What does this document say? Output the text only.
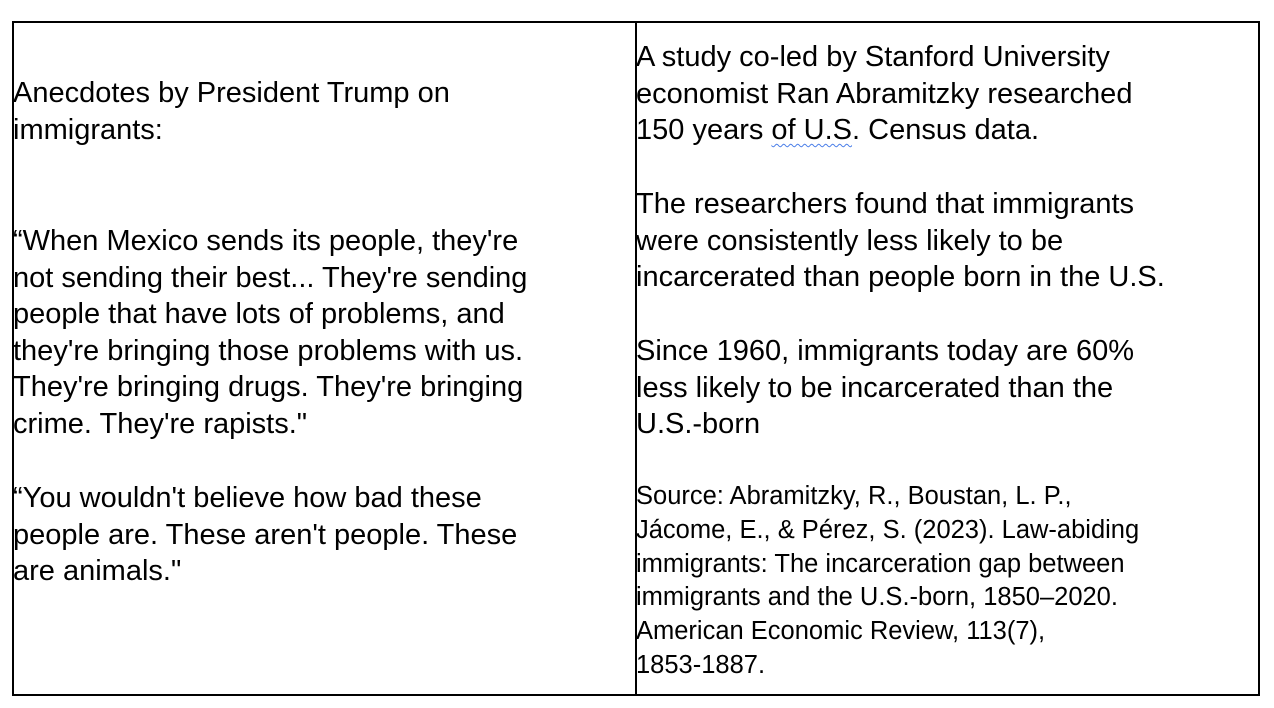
Anecdotes by President Trump on
immigrants:

“When Mexico sends its people, they're
not sending their best... They're sending
people that have lots of problems, and
they're bringing those problems with us.
They're bringing drugs. They're bringing
crime. They're rapists."

“You wouldn't believe how bad these
people are. These aren't people. These
are animals."

A study co-led by Stanford University
economist Ran Abramitzky researched
150 years of U.S. Census data.

The researchers found that immigrants
were consistently less likely to be
incarcerated than people born in the U.S.

Since 1960, immigrants today are 60%
less likely to be incarcerated than the
U.S.-born

Source: Abramitzky, R., Boustan, L. P.,
Jácome, E., & Pérez, S. (2023). Law-abiding
immigrants: The incarceration gap between
immigrants and the U.S.-born, 1850–2020.
American Economic Review, 113(7),
1853-1887.
